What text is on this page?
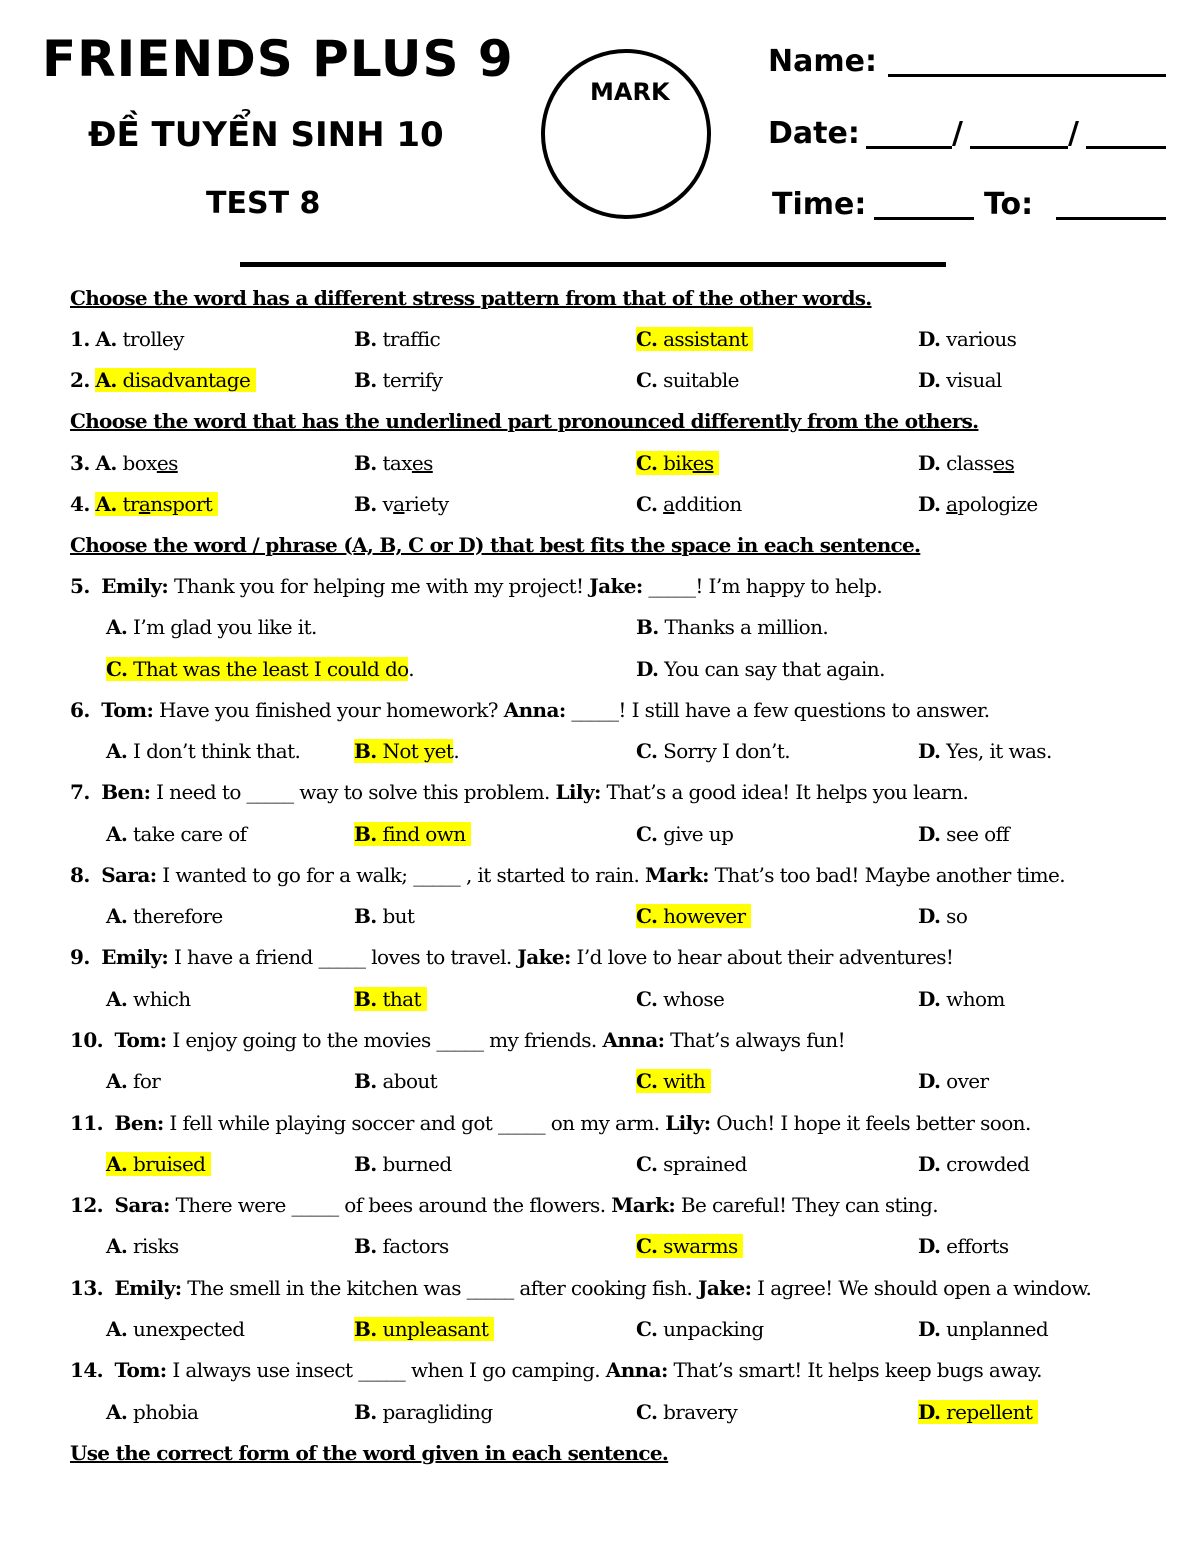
FRIENDS PLUS 9
ĐỀ TUYỂN SINH 10
TEST 8
MARK
Name:
Date:	/	/
Time:	To:
Choose the word has a different stress pattern from that of the other words.
1. A. trolley	B. traffic	C. assistant	D. various
2. A. disadvantage	B. terrify	C. suitable	D. visual
Choose the word that has the underlined part pronounced differently from the others.
3. A. boxes	B. taxes	C. bikes	D. classes
4. A. transport	B. variety	C. addition	D. apologize
Choose the word / phrase (A, B, C or D) that best fits the space in each sentence.
5. Emily: Thank you for helping me with my project! Jake: _____! I’m happy to help.
A. I’m glad you like it.	B. Thanks a million.
C. That was the least I could do.	D. You can say that again.
6. Tom: Have you finished your homework? Anna: _____! I still have a few questions to answer.
A. I don’t think that.	B. Not yet.	C. Sorry I don’t.	D. Yes, it was.
7. Ben: I need to _____ way to solve this problem. Lily: That’s a good idea! It helps you learn.
A. take care of	B. find own	C. give up	D. see off
8. Sara: I wanted to go for a walk; _____ , it started to rain. Mark: That’s too bad! Maybe another time.
A. therefore	B. but	C. however	D. so
9. Emily: I have a friend _____ loves to travel. Jake: I’d love to hear about their adventures!
A. which	B. that	C. whose	D. whom
10. Tom: I enjoy going to the movies _____ my friends. Anna: That’s always fun!
A. for	B. about	C. with	D. over
11. Ben: I fell while playing soccer and got _____ on my arm. Lily: Ouch! I hope it feels better soon.
A. bruised	B. burned	C. sprained	D. crowded
12. Sara: There were _____ of bees around the flowers. Mark: Be careful! They can sting.
A. risks	B. factors	C. swarms	D. efforts
13. Emily: The smell in the kitchen was _____ after cooking fish. Jake: I agree! We should open a window.
A. unexpected	B. unpleasant	C. unpacking	D. unplanned
14. Tom: I always use insect _____ when I go camping. Anna: That’s smart! It helps keep bugs away.
A. phobia	B. paragliding	C. bravery	D. repellent
Use the correct form of the word given in each sentence.
